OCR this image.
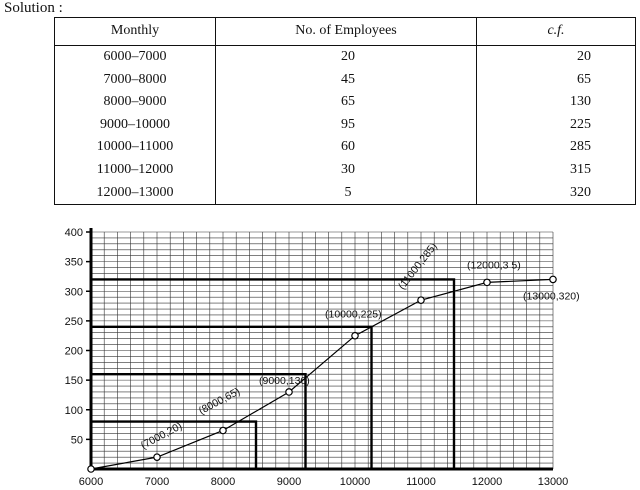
Solution :
Monthly	No. of Employees	c.f.
6000–7000	20	20
7000–8000	45	65
8000–9000	65	130
9000–10000	95	225
10000–11000	60	285
11000–12000	30	315
12000–13000	5	320
50
100
150
200
250
300
350
400
6000	7000	8000	9000	10000	11000	12000	13000
(7000,20)
(8000,65)
(9000,130)
(10000,225)
(11000,285)	(12000,3 5)
(13000,320)
